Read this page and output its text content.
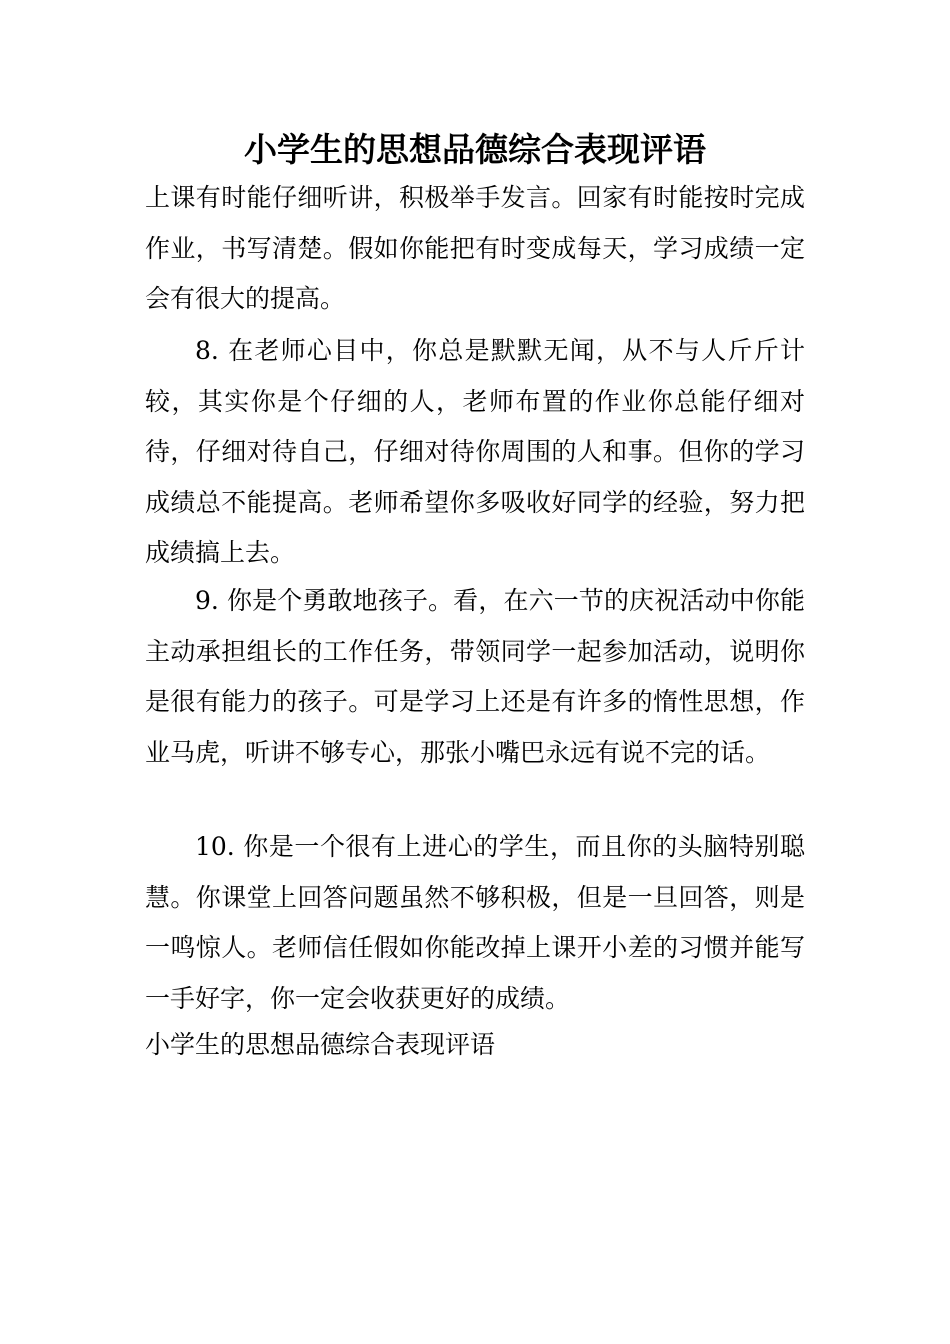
小学生的思想品德综合表现评语

上课有时能仔细听讲，积极举手发言。回家有时能按时完成作业，书写清楚。假如你能把有时变成每天，学习成绩一定会有很大的提高。

8. 在老师心目中，你总是默默无闻，从不与人斤斤计较，其实你是个仔细的人，老师布置的作业你总能仔细对待，仔细对待自己，仔细对待你周围的人和事。但你的学习成绩总不能提高。老师希望你多吸收好同学的经验，努力把成绩搞上去。

9. 你是个勇敢地孩子。看，在六一节的庆祝活动中你能主动承担组长的工作任务，带领同学一起参加活动，说明你是很有能力的孩子。可是学习上还是有许多的惰性思想，作业马虎，听讲不够专心，那张小嘴巴永远有说不完的话。

10. 你是一个很有上进心的学生，而且你的头脑特别聪慧。你课堂上回答问题虽然不够积极，但是一旦回答，则是一鸣惊人。老师信任假如你能改掉上课开小差的习惯并能写一手好字，你一定会收获更好的成绩。

小学生的思想品德综合表现评语
